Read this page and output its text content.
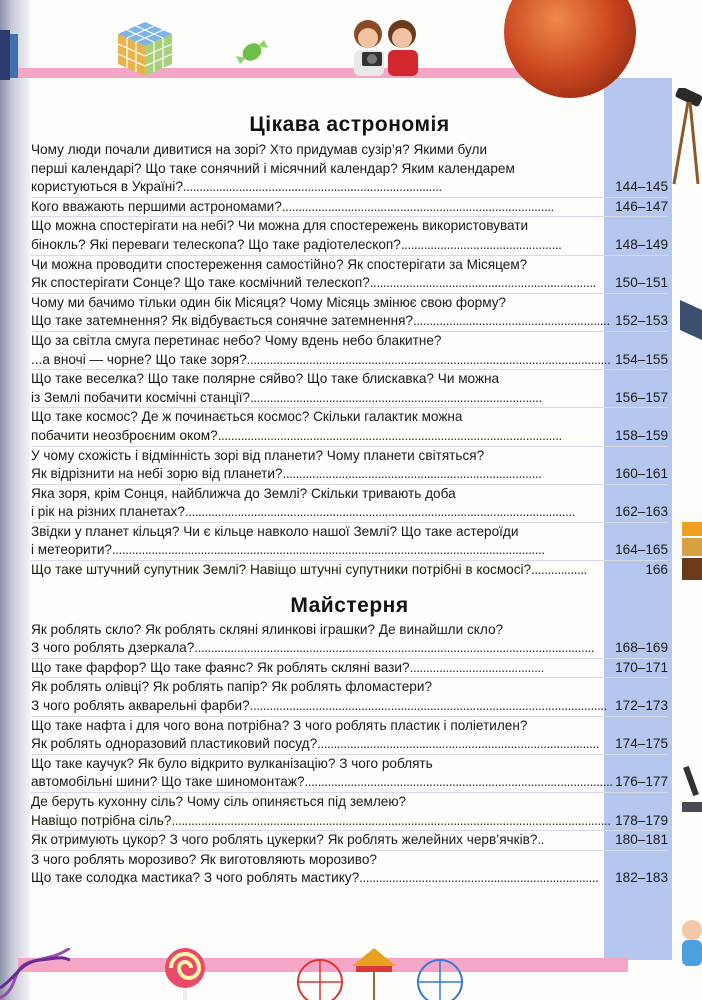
Цікава астрономія
Чому люди почали дивитися на зорі? Хто придумав сузір’я? Якими були
перші календарі? Що таке сонячний і місячний календар? Яким календарем
користуються в Україні?...............................................................................	144–145
Кого вважають першими астрономами?...................................................................................	146–147
Що можна спостерігати на небі? Чи можна для спостережень використовувати
бінокль? Які переваги телескопа? Що таке радіотелескоп?.................................................	148–149
Чи можна проводити спостереження самостійно? Як спостерігати за Місяцем?
Як спостерігати Сонце? Що таке космічний телескоп?..................................................................... 150–151
Чому ми бачимо тільки один бік Місяця? Чому Місяць змінює свою форму?
Що таке затемнення? Як відбувається сонячне затемнення?............................................................ 152–153
Що за світла смуга перетинає небо? Чому вдень небо блакитне?
...а вночі — чорне? Що таке зоря?............................................................................................................... 154–155
Що таке веселка? Що таке полярне сяйво? Що таке блискавка? Чи можна
із Землі побачити космічні станції?.........................................................................................	156–157
Що таке космос? Де ж починається космос? Скільки галактик можна
побачити неозброєним оком?.........................................................................................................	158–159
У чому схожість і відмінність зорі від планети? Чому планети світяться?
Як відрізнити на небі зорю від планети?...............................................................................	160–161
Яка зоря, крім Сонця, найближча до Землі? Скільки тривають доба
і рік на різних планетах?.......................................................................................................................	162–163
Звідки у планет кільця? Чи є кільце навколо нашої Землі? Що таке астероїди
і метеорити?....................................................................................................................................	164–165
Що таке штучний супутник Землі? Навіщо штучні супутники потрібні в космосі?.................	166
Майстерня
Як роблять скло? Як роблять скляні ялинкові іграшки? Де винайшли скло?
З чого роблять дзеркала?.......................................................................................................................... 168–169
Що таке фарфор? Що таке фаянс? Як роблять скляні вази?.........................................	170–171
Як роблять олівці? Як роблять папір? Як роблять фломастери?
З чого роблять акварельні фарби?............................................................................................................. 172–173
Що таке нафта і для чого вона потрібна? З чого роблять пластик і поліетилен?
Як роблять одноразовий пластиковий посуд?...................................................................................... 174–175
Що таке каучук? Як було відкрито вулканізацію? З чого роблять
автомобільні шини? Що таке шиномонтаж?.............................................................................................. 176–177
Де беруть кухонну сіль? Чому сіль опиняється під землею?
Навіщо потрібна сіль?...................................................................................................................................... 178–179
Як отримують цукор? З чого роблять цукерки? Як роблять желейних черв’ячків?..	180–181
З чого роблять морозиво? Як виготовляють морозиво?
Що таке солодка мастика? З чого роблять мастику?......................................................................... 182–183
